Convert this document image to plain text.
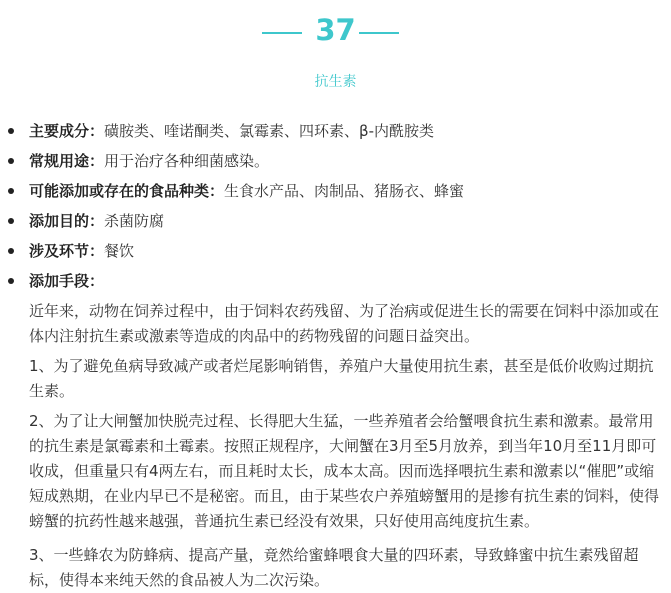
37
抗生素
主要成分：磺胺类、喹诺酮类、氯霉素、四环素、β-内酰胺类
常规用途：用于治疗各种细菌感染。
可能添加或存在的食品种类：生食水产品、肉制品、猪肠衣、蜂蜜
添加目的：杀菌防腐
涉及环节：餐饮
添加手段：

近年来，动物在饲养过程中，由于饲料农药残留、为了治病或促进生长的需要在饲料中添加或在体内注射抗生素或激素等造成的肉品中的药物残留的问题日益突出。

1、为了避免鱼病导致减产或者烂尾影响销售，养殖户大量使用抗生素，甚至是低价收购过期抗生素。

2、为了让大闸蟹加快脱壳过程、长得肥大生猛，一些养殖者会给蟹喂食抗生素和激素。最常用的抗生素是氯霉素和土霉素。按照正规程序，大闸蟹在3月至5月放养，到当年10月至11月即可收成，但重量只有4两左右，而且耗时太长，成本太高。因而选择喂抗生素和激素以“催肥”或缩短成熟期，在业内早已不是秘密。而且，由于某些农户养殖螃蟹用的是掺有抗生素的饲料，使得螃蟹的抗药性越来越强，普通抗生素已经没有效果，只好使用高纯度抗生素。

3、一些蜂农为防蜂病、提高产量，竟然给蜜蜂喂食大量的四环素，导致蜂蜜中抗生素残留超标，使得本来纯天然的食品被人为二次污染。
